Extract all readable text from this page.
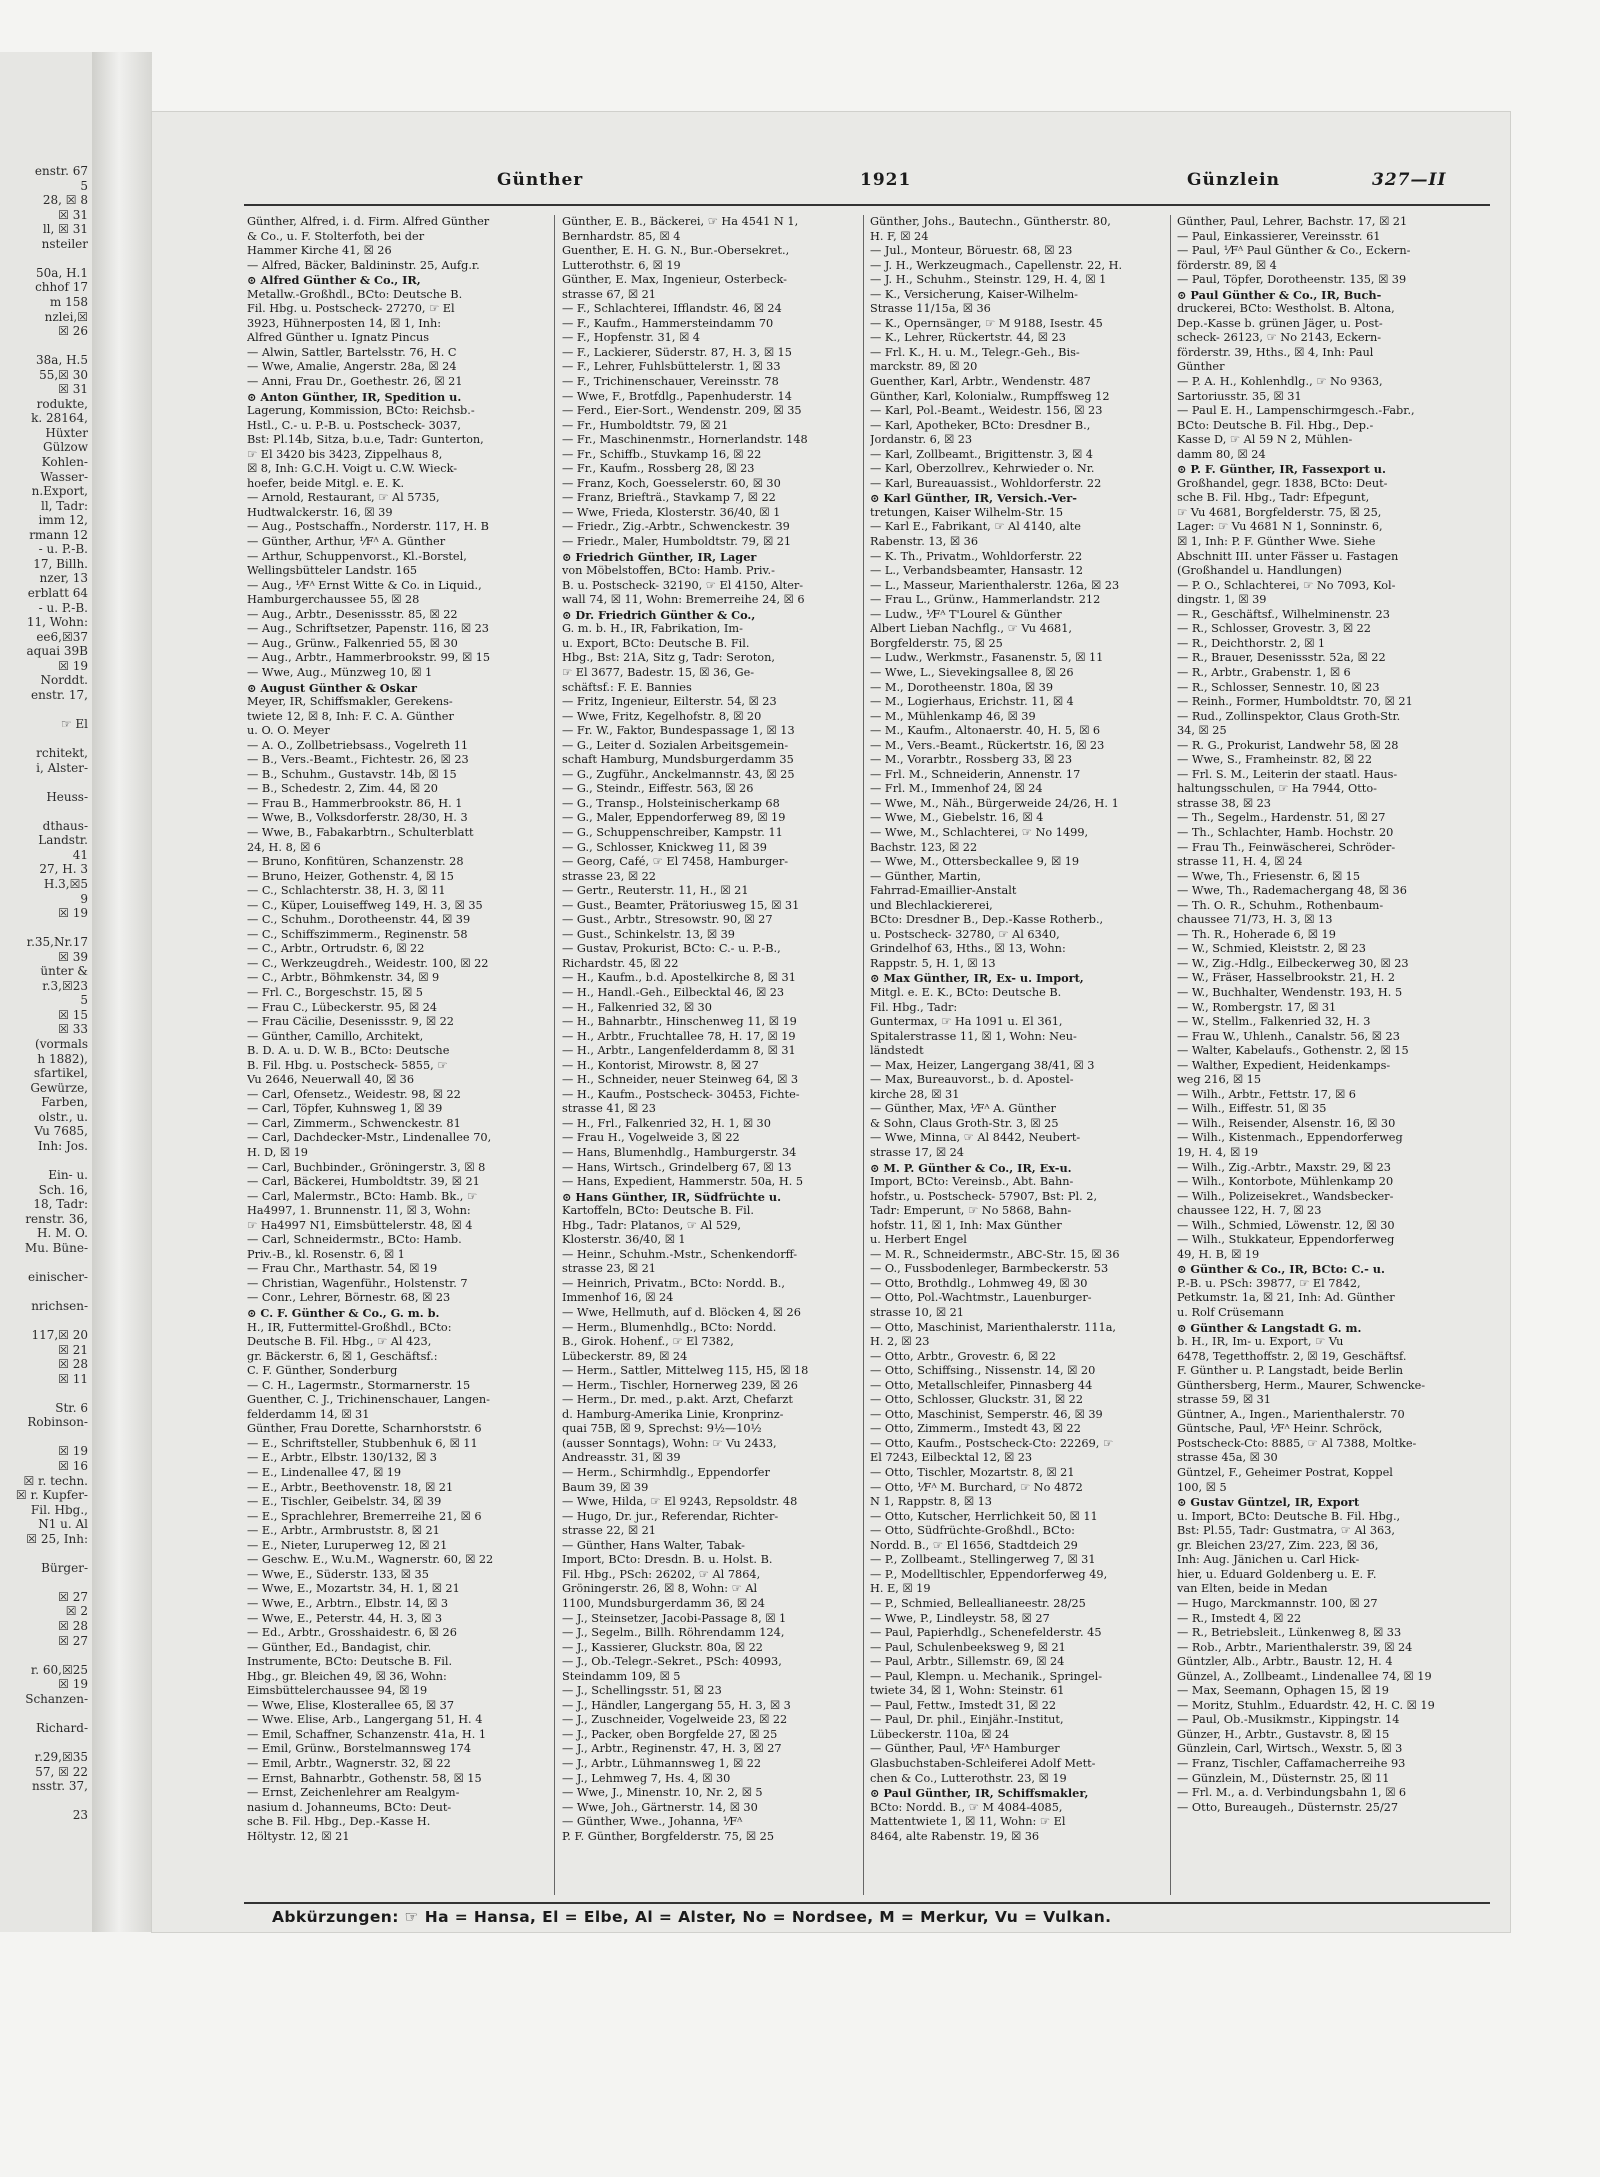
enstr. 67
5
28, ☒ 8
☒ 31
ll, ☒ 31
nsteiler
50a, H.1
chhof 17
m 158
nzlei,☒
☒ 26
38a, H.5
55,☒ 30
☒ 31
rodukte,
k. 28164,
Hüxter
Gülzow
Kohlen-
Wasser-
n.Export,
ll, Tadr:
imm 12,
rmann 12
- u. P.-B.
17, Billh.
nzer, 13
erblatt 64
- u. P.-B.
11, Wohn:
ee6,☒37
aquai 39B
☒ 19
Norddt.
enstr. 17,
☞ El
rchitekt,
i, Alster-
Heuss-
dthaus-
Landstr.
41
27, H. 3
H.3,☒5
9
☒ 19
r.35,Nr.17
☒ 39
ünter &
r.3,☒23
5
☒ 15
☒ 33
(vormals
h 1882),
sfartikel,
Gewürze,
Farben,
olstr., u.
Vu 7685,
Inh: Jos.
Ein- u.
Sch. 16,
18, Tadr:
renstr. 36,
H. M. O.
Mu. Büne-
einischer-
nrichsen-
117,☒ 20
☒ 21
☒ 28
☒ 11
Str. 6
Robinson-
☒ 19
☒ 16
☒ r. techn.
☒ r. Kupfer-
Fil. Hbg.,
N1 u. Al
☒ 25, Inh:
Bürger-
☒ 27
☒ 2
☒ 28
☒ 27
r. 60,☒25
☒ 19
Schanzen-
Richard-
r.29,☒35
57, ☒ 22
nsstr. 37,
23
Günther	1921	Günzlein	327—II
Günther, Alfred, i. d. Firm. Alfred Günther
& Co., u. F. Stolterfoth, bei der
Hammer Kirche 41, ☒ 26
— Alfred, Bäcker, Baldininstr. 25, Aufg.r.
⊙ Alfred Günther & Co., IR,
Metallw.-Großhdl., BCto: Deutsche B.
Fil. Hbg. u. Postscheck- 27270, ☞ El
3923, Hühnerposten 14, ☒ 1, Inh:
Alfred Günther u. Ignatz Pincus
— Alwin, Sattler, Bartelsstr. 76, H. C
— Wwe, Amalie, Angerstr. 28a, ☒ 24
— Anni, Frau Dr., Goethestr. 26, ☒ 21
⊙ Anton Günther, IR, Spedition u.
Lagerung, Kommission, BCto: Reichsb.-
Hstl., C.- u. P.-B. u. Postscheck- 3037,
Bst: Pl.14b, Sitza, b.u.e, Tadr: Gunterton,
☞ El 3420 bis 3423, Zippelhaus 8,
☒ 8, Inh: G.C.H. Voigt u. C.W. Wieck-
hoefer, beide Mitgl. e. E. K.
— Arnold, Restaurant, ☞ Al 5735,
Hudtwalckerstr. 16, ☒ 39
— Aug., Postschaffn., Norderstr. 117, H. B
— Günther, Arthur, ⅟Fᴬ A. Günther
— Arthur, Schuppenvorst., Kl.-Borstel,
Wellingsbütteler Landstr. 165
— Aug., ⅟Fᴬ Ernst Witte & Co. in Liquid.,
Hamburgerchaussee 55, ☒ 28
— Aug., Arbtr., Desenissstr. 85, ☒ 22
— Aug., Schriftsetzer, Papenstr. 116, ☒ 23
— Aug., Grünw., Falkenried 55, ☒ 30
— Aug., Arbtr., Hammerbrookstr. 99, ☒ 15
— Wwe, Aug., Münzweg 10, ☒ 1
⊙ August Günther & Oskar
Meyer, IR, Schiffsmakler, Gerekens-
twiete 12, ☒ 8, Inh: F. C. A. Günther
u. O. O. Meyer
— A. O., Zollbetriebsass., Vogelreth 11
— B., Vers.-Beamt., Fichtestr. 26, ☒ 23
— B., Schuhm., Gustavstr. 14b, ☒ 15
— B., Schedestr. 2, Zim. 44, ☒ 20
— Frau B., Hammerbrookstr. 86, H. 1
— Wwe, B., Volksdorferstr. 28/30, H. 3
— Wwe, B., Fabakarbtrn., Schulterblatt
24, H. 8, ☒ 6
— Bruno, Konfitüren, Schanzenstr. 28
— Bruno, Heizer, Gothenstr. 4, ☒ 15
— C., Schlachterstr. 38, H. 3, ☒ 11
— C., Küper, Louiseffweg 149, H. 3, ☒ 35
— C., Schuhm., Dorotheenstr. 44, ☒ 39
— C., Schiffszimmerm., Reginenstr. 58
— C., Arbtr., Ortrudstr. 6, ☒ 22
— C., Werkzeugdreh., Weidestr. 100, ☒ 22
— C., Arbtr., Böhmkenstr. 34, ☒ 9
— Frl. C., Borgeschstr. 15, ☒ 5
— Frau C., Lübeckerstr. 95, ☒ 24
— Frau Cäcilie, Desenissstr. 9, ☒ 22
— Günther, Camillo, Architekt,
B. D. A. u. D. W. B., BCto: Deutsche
B. Fil. Hbg. u. Postscheck- 5855, ☞
Vu 2646, Neuerwall 40, ☒ 36
— Carl, Ofensetz., Weidestr. 98, ☒ 22
— Carl, Töpfer, Kuhnsweg 1, ☒ 39
— Carl, Zimmerm., Schwenckestr. 81
— Carl, Dachdecker-Mstr., Lindenallee 70,
H. D, ☒ 19
— Carl, Buchbinder., Gröningerstr. 3, ☒ 8
— Carl, Bäckerei, Humboldtstr. 39, ☒ 21
— Carl, Malermstr., BCto: Hamb. Bk., ☞
Ha4997, 1. Brunnenstr. 11, ☒ 3, Wohn:
☞ Ha4997 N1, Eimsbüttelerstr. 48, ☒ 4
— Carl, Schneidermstr., BCto: Hamb.
Priv.-B., kl. Rosenstr. 6, ☒ 1
— Frau Chr., Marthastr. 54, ☒ 19
— Christian, Wagenführ., Holstenstr. 7
— Conr., Lehrer, Börnestr. 68, ☒ 23
⊙ C. F. Günther & Co., G. m. b.
H., IR, Futtermittel-Großhdl., BCto:
Deutsche B. Fil. Hbg., ☞ Al 423,
gr. Bäckerstr. 6, ☒ 1, Geschäftsf.:
C. F. Günther, Sonderburg
— C. H., Lagermstr., Stormarnerstr. 15
Guenther, C. J., Trichinenschauer, Langen-
felderdamm 14, ☒ 31
Günther, Frau Dorette, Scharnhorststr. 6
— E., Schriftsteller, Stubbenhuk 6, ☒ 11
— E., Arbtr., Elbstr. 130/132, ☒ 3
— E., Lindenallee 47, ☒ 19
— E., Arbtr., Beethovenstr. 18, ☒ 21
— E., Tischler, Geibelstr. 34, ☒ 39
— E., Sprachlehrer, Bremerreihe 21, ☒ 6
— E., Arbtr., Armbruststr. 8, ☒ 21
— E., Nieter, Luruperweg 12, ☒ 21
— Geschw. E., W.u.M., Wagnerstr. 60, ☒ 22
— Wwe, E., Süderstr. 133, ☒ 35
— Wwe, E., Mozartstr. 34, H. 1, ☒ 21
— Wwe, E., Arbtrn., Elbstr. 14, ☒ 3
— Wwe, E., Peterstr. 44, H. 3, ☒ 3
— Ed., Arbtr., Grosshaidestr. 6, ☒ 26
— Günther, Ed., Bandagist, chir.
Instrumente, BCto: Deutsche B. Fil.
Hbg., gr. Bleichen 49, ☒ 36, Wohn:
Eimsbüttelerchaussee 94, ☒ 19
— Wwe, Elise, Klosterallee 65, ☒ 37
— Wwe. Elise, Arb., Langergang 51, H. 4
— Emil, Schaffner, Schanzenstr. 41a, H. 1
— Emil, Grünw., Borstelmannsweg 174
— Emil, Arbtr., Wagnerstr. 32, ☒ 22
— Ernst, Bahnarbtr., Gothenstr. 58, ☒ 15
— Ernst, Zeichenlehrer am Realgym-
nasium d. Johanneums, BCto: Deut-
sche B. Fil. Hbg., Dep.-Kasse H.
Höltystr. 12, ☒ 21
Günther, E. B., Bäckerei, ☞ Ha 4541 N 1,
Bernhardstr. 85, ☒ 4
Guenther, E. H. G. N., Bur.-Obersekret.,
Lutterothstr. 6, ☒ 19
Günther, E. Max, Ingenieur, Osterbeck-
strasse 67, ☒ 21
— F., Schlachterei, Ifflandstr. 46, ☒ 24
— F., Kaufm., Hammersteindamm 70
— F., Hopfenstr. 31, ☒ 4
— F., Lackierer, Süderstr. 87, H. 3, ☒ 15
— F., Lehrer, Fuhlsbüttelerstr. 1, ☒ 33
— F., Trichinenschauer, Vereinsstr. 78
— Wwe, F., Brotfdlg., Papenhuderstr. 14
— Ferd., Eier-Sort., Wendenstr. 209, ☒ 35
— Fr., Humboldtstr. 79, ☒ 21
— Fr., Maschinenmstr., Hornerlandstr. 148
— Fr., Schiffb., Stuvkamp 16, ☒ 22
— Fr., Kaufm., Rossberg 28, ☒ 23
— Franz, Koch, Goesselerstr. 60, ☒ 30
— Franz, Briefträ., Stavkamp 7, ☒ 22
— Wwe, Frieda, Klosterstr. 36/40, ☒ 1
— Friedr., Zig.-Arbtr., Schwenckestr. 39
— Friedr., Maler, Humboldtstr. 79, ☒ 21
⊙ Friedrich Günther, IR, Lager
von Möbelstoffen, BCto: Hamb. Priv.-
B. u. Postscheck- 32190, ☞ El 4150, Alter-
wall 74, ☒ 11, Wohn: Bremerreihe 24, ☒ 6
⊙ Dr. Friedrich Günther & Co.,
G. m. b. H., IR, Fabrikation, Im-
u. Export, BCto: Deutsche B. Fil.
Hbg., Bst: 21A, Sitz g, Tadr: Seroton,
☞ El 3677, Badestr. 15, ☒ 36, Ge-
schäftsf.: F. E. Bannies
— Fritz, Ingenieur, Eilterstr. 54, ☒ 23
— Wwe, Fritz, Kegelhofstr. 8, ☒ 20
— Fr. W., Faktor, Bundespassage 1, ☒ 13
— G., Leiter d. Sozialen Arbeitsgemein-
schaft Hamburg, Mundsburgerdamm 35
— G., Zugführ., Anckelmannstr. 43, ☒ 25
— G., Steindr., Eiffestr. 563, ☒ 26
— G., Transp., Holsteinischerkamp 68
— G., Maler, Eppendorferweg 89, ☒ 19
— G., Schuppenschreiber, Kampstr. 11
— G., Schlosser, Knickweg 11, ☒ 39
— Georg, Café, ☞ El 7458, Hamburger-
strasse 23, ☒ 22
— Gertr., Reuterstr. 11, H., ☒ 21
— Gust., Beamter, Prätoriusweg 15, ☒ 31
— Gust., Arbtr., Stresowstr. 90, ☒ 27
— Gust., Schinkelstr. 13, ☒ 39
— Gustav, Prokurist, BCto: C.- u. P.-B.,
Richardstr. 45, ☒ 22
— H., Kaufm., b.d. Apostelkirche 8, ☒ 31
— H., Handl.-Geh., Eilbecktal 46, ☒ 23
— H., Falkenried 32, ☒ 30
— H., Bahnarbtr., Hinschenweg 11, ☒ 19
— H., Arbtr., Fruchtallee 78, H. 17, ☒ 19
— H., Arbtr., Langenfelderdamm 8, ☒ 31
— H., Kontorist, Mirowstr. 8, ☒ 27
— H., Schneider, neuer Steinweg 64, ☒ 3
— H., Kaufm., Postscheck- 30453, Fichte-
strasse 41, ☒ 23
— H., Frl., Falkenried 32, H. 1, ☒ 30
— Frau H., Vogelweide 3, ☒ 22
— Hans, Blumenhdlg., Hamburgerstr. 34
— Hans, Wirtsch., Grindelberg 67, ☒ 13
— Hans, Expedient, Hammerstr. 50a, H. 5
⊙ Hans Günther, IR, Südfrüchte u.
Kartoffeln, BCto: Deutsche B. Fil.
Hbg., Tadr: Platanos, ☞ Al 529,
Klosterstr. 36/40, ☒ 1
— Heinr., Schuhm.-Mstr., Schenkendorff-
strasse 23, ☒ 21
— Heinrich, Privatm., BCto: Nordd. B.,
Immenhof 16, ☒ 24
— Wwe, Hellmuth, auf d. Blöcken 4, ☒ 26
— Herm., Blumenhdlg., BCto: Nordd.
B., Girok. Hohenf., ☞ El 7382,
Lübeckerstr. 89, ☒ 24
— Herm., Sattler, Mittelweg 115, H5, ☒ 18
— Herm., Tischler, Hornerweg 239, ☒ 26
— Herm., Dr. med., p.akt. Arzt, Chefarzt
d. Hamburg-Amerika Linie, Kronprinz-
quai 75B, ☒ 9, Sprechst: 9½—10½
(ausser Sonntags), Wohn: ☞ Vu 2433,
Andreasstr. 31, ☒ 39
— Herm., Schirmhdlg., Eppendorfer
Baum 39, ☒ 39
— Wwe, Hilda, ☞ El 9243, Repsoldstr. 48
— Hugo, Dr. jur., Referendar, Richter-
strasse 22, ☒ 21
— Günther, Hans Walter, Tabak-
Import, BCto: Dresdn. B. u. Holst. B.
Fil. Hbg., PSch: 26202, ☞ Al 7864,
Gröningerstr. 26, ☒ 8, Wohn: ☞ Al
1100, Mundsburgerdamm 36, ☒ 24
— J., Steinsetzer, Jacobi-Passage 8, ☒ 1
— J., Segelm., Billh. Röhrendamm 124,
— J., Kassierer, Gluckstr. 80a, ☒ 22
— J., Ob.-Telegr.-Sekret., PSch: 40993,
Steindamm 109, ☒ 5
— J., Schellingsstr. 51, ☒ 23
— J., Händler, Langergang 55, H. 3, ☒ 3
— J., Zuschneider, Vogelweide 23, ☒ 22
— J., Packer, oben Borgfelde 27, ☒ 25
— J., Arbtr., Reginenstr. 47, H. 3, ☒ 27
— J., Arbtr., Lühmannsweg 1, ☒ 22
— J., Lehmweg 7, Hs. 4, ☒ 30
— Wwe, J., Minenstr. 10, Nr. 2, ☒ 5
— Wwe, Joh., Gärtnerstr. 14, ☒ 30
— Günther, Wwe., Johanna, ⅟Fᴬ
P. F. Günther, Borgfelderstr. 75, ☒ 25
Günther, Johs., Bautechn., Güntherstr. 80,
H. F, ☒ 24
— Jul., Monteur, Böruestr. 68, ☒ 23
— J. H., Werkzeugmach., Capellenstr. 22, H.
— J. H., Schuhm., Steinstr. 129, H. 4, ☒ 1
— K., Versicherung, Kaiser-Wilhelm-
Strasse 11/15a, ☒ 36
— K., Opernsänger, ☞ M 9188, Isestr. 45
— K., Lehrer, Rückertstr. 44, ☒ 23
— Frl. K., H. u. M., Telegr.-Geh., Bis-
marckstr. 89, ☒ 20
Guenther, Karl, Arbtr., Wendenstr. 487
Günther, Karl, Kolonialw., Rumpffsweg 12
— Karl, Pol.-Beamt., Weidestr. 156, ☒ 23
— Karl, Apotheker, BCto: Dresdner B.,
Jordanstr. 6, ☒ 23
— Karl, Zollbeamt., Brigittenstr. 3, ☒ 4
— Karl, Oberzollrev., Kehrwieder o. Nr.
— Karl, Bureauassist., Wohldorferstr. 22
⊙ Karl Günther, IR, Versich.-Ver-
tretungen, Kaiser Wilhelm-Str. 15
— Karl E., Fabrikant, ☞ Al 4140, alte
Rabenstr. 13, ☒ 36
— K. Th., Privatm., Wohldorferstr. 22
— L., Verbandsbeamter, Hansastr. 12
— L., Masseur, Marienthalerstr. 126a, ☒ 23
— Frau L., Grünw., Hammerlandstr. 212
— Ludw., ⅟Fᴬ T'Lourel & Günther
Albert Lieban Nachflg., ☞ Vu 4681,
Borgfelderstr. 75, ☒ 25
— Ludw., Werkmstr., Fasanenstr. 5, ☒ 11
— Wwe, L., Sievekingsallee 8, ☒ 26
— M., Dorotheenstr. 180a, ☒ 39
— M., Logierhaus, Erichstr. 11, ☒ 4
— M., Mühlenkamp 46, ☒ 39
— M., Kaufm., Altonaerstr. 40, H. 5, ☒ 6
— M., Vers.-Beamt., Rückertstr. 16, ☒ 23
— M., Vorarbtr., Rossberg 33, ☒ 23
— Frl. M., Schneiderin, Annenstr. 17
— Frl. M., Immenhof 24, ☒ 24
— Wwe, M., Näh., Bürgerweide 24/26, H. 1
— Wwe, M., Giebelstr. 16, ☒ 4
— Wwe, M., Schlachterei, ☞ No 1499,
Bachstr. 123, ☒ 22
— Wwe, M., Ottersbeckallee 9, ☒ 19
— Günther, Martin,
Fahrrad-Emaillier-Anstalt
und Blechlackiererei,
BCto: Dresdner B., Dep.-Kasse Rotherb.,
u. Postscheck- 32780, ☞ Al 6340,
Grindelhof 63, Hths., ☒ 13, Wohn:
Rappstr. 5, H. 1, ☒ 13
⊙ Max Günther, IR, Ex- u. Import,
Mitgl. e. E. K., BCto: Deutsche B.
Fil. Hbg., Tadr:
Guntermax, ☞ Ha 1091 u. El 361,
Spitalerstrasse 11, ☒ 1, Wohn: Neu-
ländstedt
— Max, Heizer, Langergang 38/41, ☒ 3
— Max, Bureauvorst., b. d. Apostel-
kirche 28, ☒ 31
— Günther, Max, ⅟Fᴬ A. Günther
& Sohn, Claus Groth-Str. 3, ☒ 25
— Wwe, Minna, ☞ Al 8442, Neubert-
strasse 17, ☒ 24
⊙ M. P. Günther & Co., IR, Ex-u.
Import, BCto: Vereinsb., Abt. Bahn-
hofstr., u. Postscheck- 57907, Bst: Pl. 2,
Tadr: Emperunt, ☞ No 5868, Bahn-
hofstr. 11, ☒ 1, Inh: Max Günther
u. Herbert Engel
— M. R., Schneidermstr., ABC-Str. 15, ☒ 36
— O., Fussbodenleger, Barmbeckerstr. 53
— Otto, Brothdlg., Lohmweg 49, ☒ 30
— Otto, Pol.-Wachtmstr., Lauenburger-
strasse 10, ☒ 21
— Otto, Maschinist, Marienthalerstr. 111a,
H. 2, ☒ 23
— Otto, Arbtr., Grovestr. 6, ☒ 22
— Otto, Schiffsing., Nissenstr. 14, ☒ 20
— Otto, Metallschleifer, Pinnasberg 44
— Otto, Schlosser, Gluckstr. 31, ☒ 22
— Otto, Maschinist, Semperstr. 46, ☒ 39
— Otto, Zimmerm., Imstedt 43, ☒ 22
— Otto, Kaufm., Postscheck-Cto: 22269, ☞
El 7243, Eilbecktal 12, ☒ 23
— Otto, Tischler, Mozartstr. 8, ☒ 21
— Otto, ⅟Fᴬ M. Burchard, ☞ No 4872
N 1, Rappstr. 8, ☒ 13
— Otto, Kutscher, Herrlichkeit 50, ☒ 11
— Otto, Südfrüchte-Großhdl., BCto:
Nordd. B., ☞ El 1656, Stadtdeich 29
— P., Zollbeamt., Stellingerweg 7, ☒ 31
— P., Modelltischler, Eppendorferweg 49,
H. E, ☒ 19
— P., Schmied, Belleallianeestr. 28/25
— Wwe, P., Lindleystr. 58, ☒ 27
— Paul, Papierhdlg., Schenefelderstr. 45
— Paul, Schulenbeeksweg 9, ☒ 21
— Paul, Arbtr., Sillemstr. 69, ☒ 24
— Paul, Klempn. u. Mechanik., Springel-
twiete 34, ☒ 1, Wohn: Steinstr. 61
— Paul, Fettw., Imstedt 31, ☒ 22
— Paul, Dr. phil., Einjähr.-Institut,
Lübeckerstr. 110a, ☒ 24
— Günther, Paul, ⅟Fᴬ Hamburger
Glasbuchstaben-Schleiferei Adolf Mett-
chen & Co., Lutterothstr. 23, ☒ 19
⊙ Paul Günther, IR, Schiffsmakler,
BCto: Nordd. B., ☞ M 4084-4085,
Mattentwiete 1, ☒ 11, Wohn: ☞ El
8464, alte Rabenstr. 19, ☒ 36
Günther, Paul, Lehrer, Bachstr. 17, ☒ 21
— Paul, Einkassierer, Vereinsstr. 61
— Paul, ⅟Fᴬ Paul Günther & Co., Eckern-
förderstr. 89, ☒ 4
— Paul, Töpfer, Dorotheenstr. 135, ☒ 39
⊙ Paul Günther & Co., IR, Buch-
druckerei, BCto: Westholst. B. Altona,
Dep.-Kasse b. grünen Jäger, u. Post-
scheck- 26123, ☞ No 2143, Eckern-
förderstr. 39, Hths., ☒ 4, Inh: Paul
Günther
— P. A. H., Kohlenhdlg., ☞ No 9363,
Sartoriusstr. 35, ☒ 31
— Paul E. H., Lampenschirmgesch.-Fabr.,
BCto: Deutsche B. Fil. Hbg., Dep.-
Kasse D, ☞ Al 59 N 2, Mühlen-
damm 80, ☒ 24
⊙ P. F. Günther, IR, Fassexport u.
Großhandel, gegr. 1838, BCto: Deut-
sche B. Fil. Hbg., Tadr: Efpegunt,
☞ Vu 4681, Borgfelderstr. 75, ☒ 25,
Lager: ☞ Vu 4681 N 1, Sonninstr. 6,
☒ 1, Inh: P. F. Günther Wwe. Siehe
Abschnitt III. unter Fässer u. Fastagen
(Großhandel u. Handlungen)
— P. O., Schlachterei, ☞ No 7093, Kol-
dingstr. 1, ☒ 39
— R., Geschäftsf., Wilhelminenstr. 23
— R., Schlosser, Grovestr. 3, ☒ 22
— R., Deichthorstr. 2, ☒ 1
— R., Brauer, Desenissstr. 52a, ☒ 22
— R., Arbtr., Grabenstr. 1, ☒ 6
— R., Schlosser, Sennestr. 10, ☒ 23
— Reinh., Former, Humboldtstr. 70, ☒ 21
— Rud., Zollinspektor, Claus Groth-Str.
34, ☒ 25
— R. G., Prokurist, Landwehr 58, ☒ 28
— Wwe, S., Framheinstr. 82, ☒ 22
— Frl. S. M., Leiterin der staatl. Haus-
haltungsschulen, ☞ Ha 7944, Otto-
strasse 38, ☒ 23
— Th., Segelm., Hardenstr. 51, ☒ 27
— Th., Schlachter, Hamb. Hochstr. 20
— Frau Th., Feinwäscherei, Schröder-
strasse 11, H. 4, ☒ 24
— Wwe, Th., Friesenstr. 6, ☒ 15
— Wwe, Th., Rademachergang 48, ☒ 36
— Th. O. R., Schuhm., Rothenbaum-
chaussee 71/73, H. 3, ☒ 13
— Th. R., Hoherade 6, ☒ 19
— W., Schmied, Kleiststr. 2, ☒ 23
— W., Zig.-Hdlg., Eilbeckerweg 30, ☒ 23
— W., Fräser, Hasselbrookstr. 21, H. 2
— W., Buchhalter, Wendenstr. 193, H. 5
— W., Rombergstr. 17, ☒ 31
— W., Stellm., Falkenried 32, H. 3
— Frau W., Uhlenh., Canalstr. 56, ☒ 23
— Walter, Kabelaufs., Gothenstr. 2, ☒ 15
— Walther, Expedient, Heidenkamps-
weg 216, ☒ 15
— Wilh., Arbtr., Fettstr. 17, ☒ 6
— Wilh., Eiffestr. 51, ☒ 35
— Wilh., Reisender, Alsenstr. 16, ☒ 30
— Wilh., Kistenmach., Eppendorferweg
19, H. 4, ☒ 19
— Wilh., Zig.-Arbtr., Maxstr. 29, ☒ 23
— Wilh., Kontorbote, Mühlenkamp 20
— Wilh., Polizeisekret., Wandsbecker-
chaussee 122, H. 7, ☒ 23
— Wilh., Schmied, Löwenstr. 12, ☒ 30
— Wilh., Stukkateur, Eppendorferweg
49, H. B, ☒ 19
⊙ Günther & Co., IR, BCto: C.- u.
P.-B. u. PSch: 39877, ☞ El 7842,
Petkumstr. 1a, ☒ 21, Inh: Ad. Günther
u. Rolf Crüsemann
⊙ Günther & Langstadt G. m.
b. H., IR, Im- u. Export, ☞ Vu
6478, Tegetthoffstr. 2, ☒ 19, Geschäftsf.
F. Günther u. P. Langstadt, beide Berlin
Günthersberg, Herm., Maurer, Schwencke-
strasse 59, ☒ 31
Güntner, A., Ingen., Marienthalerstr. 70
Güntsche, Paul, ⅟Fᴬ Heinr. Schröck,
Postscheck-Cto: 8885, ☞ Al 7388, Moltke-
strasse 45a, ☒ 30
Güntzel, F., Geheimer Postrat, Koppel
100, ☒ 5
⊙ Gustav Güntzel, IR, Export
u. Import, BCto: Deutsche B. Fil. Hbg.,
Bst: Pl.55, Tadr: Gustmatra, ☞ Al 363,
gr. Bleichen 23/27, Zim. 223, ☒ 36,
Inh: Aug. Jänichen u. Carl Hick-
hier, u. Eduard Goldenberg u. E. F.
van Elten, beide in Medan
— Hugo, Marckmannstr. 100, ☒ 27
— R., Imstedt 4, ☒ 22
— R., Betriebsleit., Lünkenweg 8, ☒ 33
— Rob., Arbtr., Marienthalerstr. 39, ☒ 24
Güntzler, Alb., Arbtr., Baustr. 12, H. 4
Günzel, A., Zollbeamt., Lindenallee 74, ☒ 19
— Max, Seemann, Ophagen 15, ☒ 19
— Moritz, Stuhlm., Eduardstr. 42, H. C. ☒ 19
— Paul, Ob.-Musikmstr., Kippingstr. 14
Günzer, H., Arbtr., Gustavstr. 8, ☒ 15
Günzlein, Carl, Wirtsch., Wexstr. 5, ☒ 3
— Franz, Tischler, Caffamacherreihe 93
— Günzlein, M., Düsternstr. 25, ☒ 11
— Frl. M., a. d. Verbindungsbahn 1, ☒ 6
— Otto, Bureaugeh., Düsternstr. 25/27
Abkürzungen: ☞ Ha = Hansa, El = Elbe, Al = Alster, No = Nordsee, M = Merkur, Vu = Vulkan.
